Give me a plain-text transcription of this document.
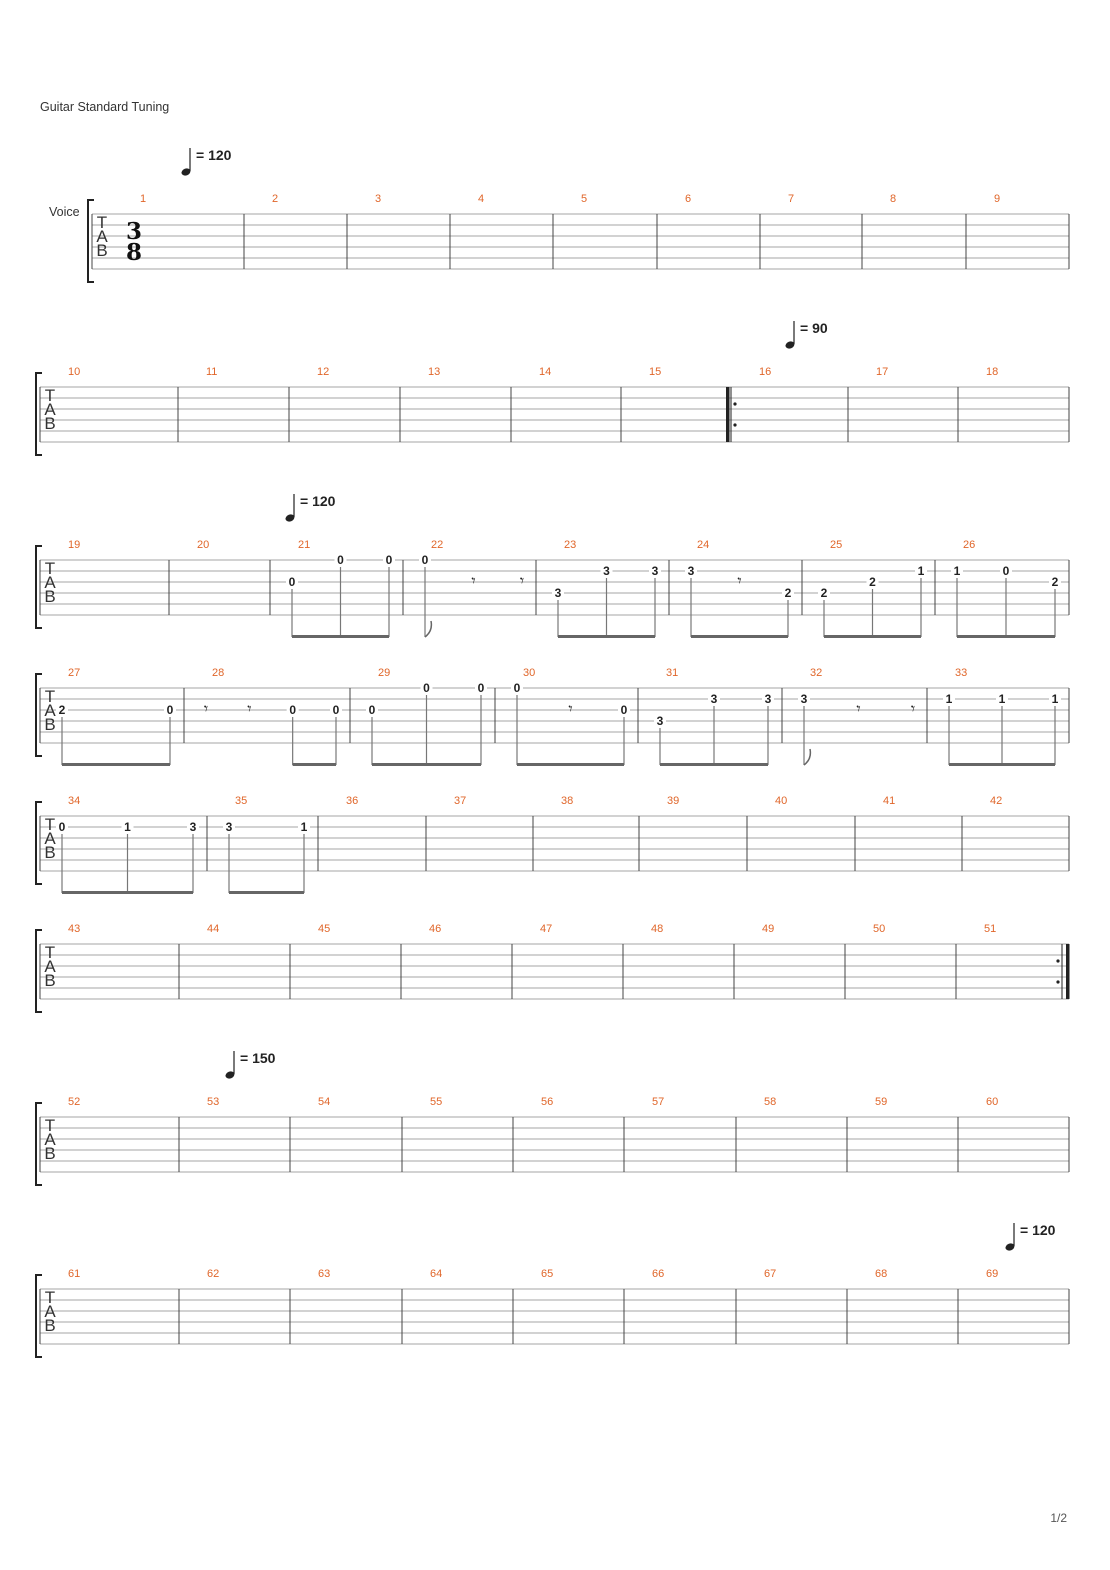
Guitar Standard Tuning
Voice
T
A
B
3
8
1	2	3	4	5	6	7	8	9
T
A
B
10	11	12	13	14	15	16	17	18
T
A
B
19	20	21	22	23	24	25	26
T
A
B
27	28	29	30	31	32	33
T
A
B
34	35	36	37	38	39	40	41	42
T
A
B
43	44	45	46	47	48	49	50	51
T
A
B
52	53	54	55	56	57	58	59	60
T
A
B
61	62	63	64	65	66	67	68	69
= 120
= 90
= 120
= 150
= 120
0
0	0 0
𝄾	𝄾
3
3	3 3	𝄾
2 2
2
1 1	0
2
2	0 𝄾 𝄾	0	0 0
0	0 0
𝄾	0
3
3	3 3	𝄾	𝄾	1	1	1
0	1	3 3	1
1/2
